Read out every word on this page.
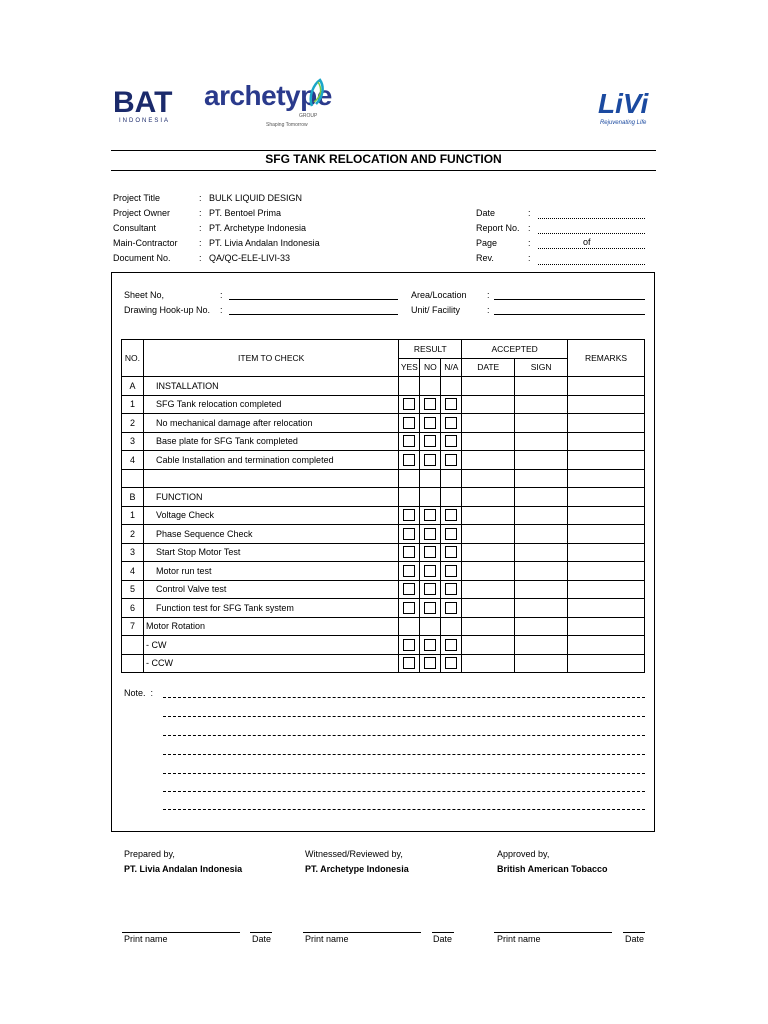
BAT
INDONESIA
archetype
GROUP
Shaping Tomorrow
LiVi
Rejuvenating Life
SFG TANK RELOCATION AND FUNCTION
Project Title	: BULK LIQUID DESIGN
Project Owner	: PT. Bentoel Prima
Consultant	: PT. Archetype Indonesia
Main-Contractor : PT. Livia Andalan Indonesia
Document No.	: QA/QC-ELE-LIVI-33
Date	:
Report No. :
Page	:
Rev.	:
of
Sheet No,	:
Drawing Hook-up No. :
Area/Location :
Unit/ Facility	:
NO.	ITEM TO CHECK	RESULT			ACCEPTED		REMARKS
		YES	NO	N/A	DATE	SIGN	
A	INSTALLATION						
1	SFG Tank relocation completed						
2	No mechanical damage after relocation						
3	Base plate for SFG Tank completed						
4	Cable Installation and termination completed						

B	FUNCTION						
1	Voltage Check						
2	Phase Sequence Check						
3	Start Stop Motor Test						
4	Motor run test						
5	Control Valve test						
6	Function test for SFG Tank system						
7	Motor Rotation						
	- CW						
	- CCW						
Note.  :
Prepared by,
PT. Livia Andalan Indonesia
Witnessed/Reviewed by,
PT. Archetype Indonesia
Approved by,
British American Tobacco
Print name	Date	Print name	Date	Print name	Date
